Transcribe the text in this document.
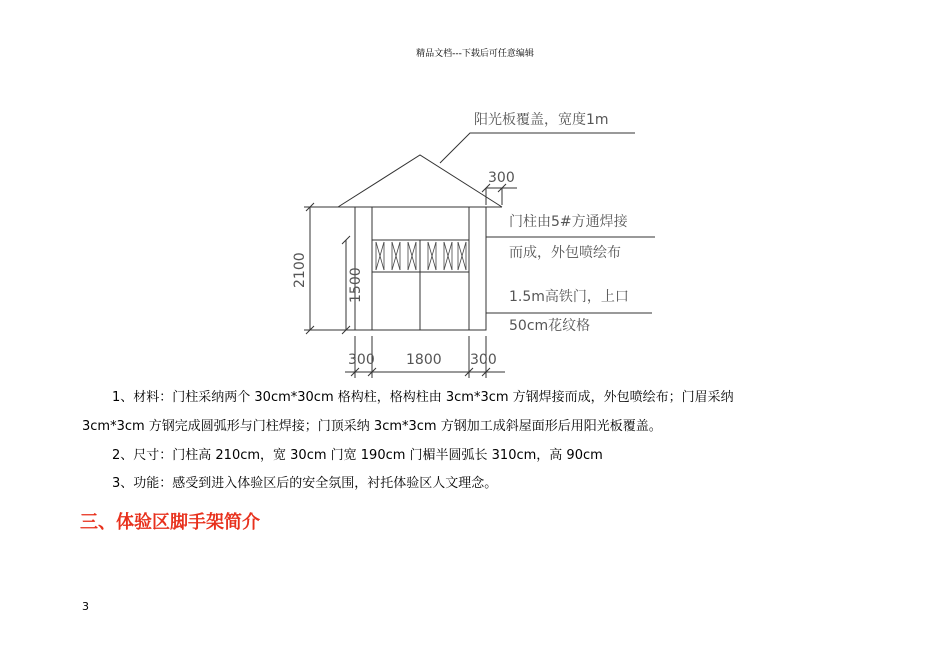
精品文档---下载后可任意编辑
阳光板覆盖，宽度1m
300
门柱由5#方通焊接
而成，外包喷绘布
1.5m高铁门，上口
50cm花纹格
2100	1500
300 1800 300
1、材料：门柱采纳两个 30cm*30cm 格构柱，格构柱由 3cm*3cm 方钢焊接而成，外包喷绘布；门眉采纳
3cm*3cm 方钢完成圆弧形与门柱焊接；门顶采纳 3cm*3cm 方钢加工成斜屋面形后用阳光板覆盖。
2、尺寸：门柱高 210cm，宽 30cm 门宽 190cm 门楣半圆弧长 310cm，高 90cm
3、功能：感受到进入体验区后的安全氛围，衬托体验区人文理念。
三、体验区脚手架简介
3
